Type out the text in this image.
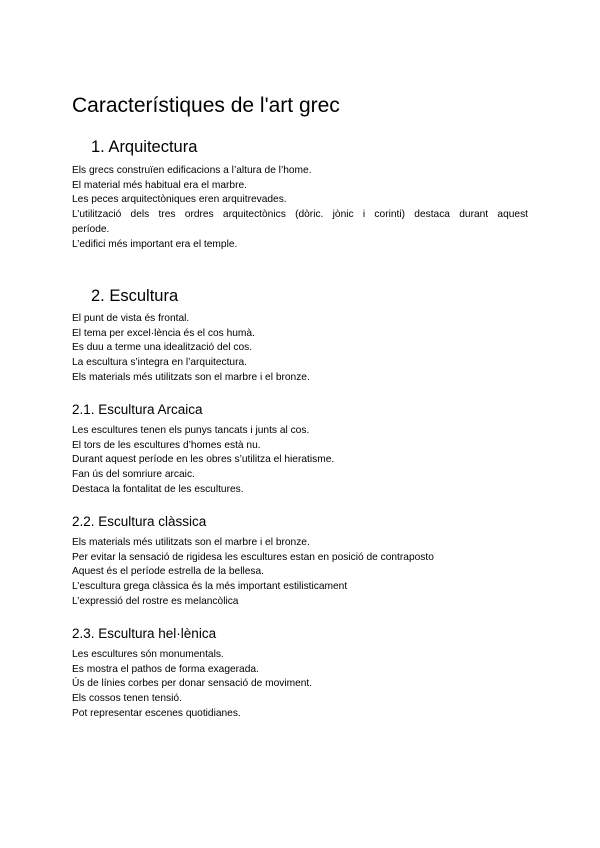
Característiques de l'art grec
1. Arquitectura
Els grecs construïen edificacions a l’altura de l’home.
El material més habitual era el marbre.
Les peces arquitectòniques eren arquitrevades.
L’utilització dels tres ordres arquitectònics (dòric. jònic i corinti) destaca durant aquest
període.
L’edifici més important era el temple.
2. Escultura
El punt de vista és frontal.
El tema per excel·lència és el cos humà.
Es duu a terme una idealització del cos.
La escultura s’integra en l’arquitectura.
Els materials més utilitzats son el marbre i el bronze.
2.1. Escultura Arcaica
Les escultures tenen els punys tancats i junts al cos.
El tors de les escultures d’homes està nu.
Durant aquest període en les obres s’utilitza el hieratisme.
Fan ús del somriure arcaic.
Destaca la fontalitat de les escultures.
2.2. Escultura clàssica
Els materials més utilitzats son el marbre i el bronze.
Per evitar la sensació de rigidesa les escultures estan en posició de contraposto
Aquest és el període estrella de la bellesa.
L’escultura grega clàssica és la més important estilisticament
L’expressió del rostre es melancòlica
2.3. Escultura hel·lènica
Les escultures són monumentals.
Es mostra el pathos de forma exagerada.
Ús de línies corbes per donar sensació de moviment.
Els cossos tenen tensió.
Pot representar escenes quotidianes.
